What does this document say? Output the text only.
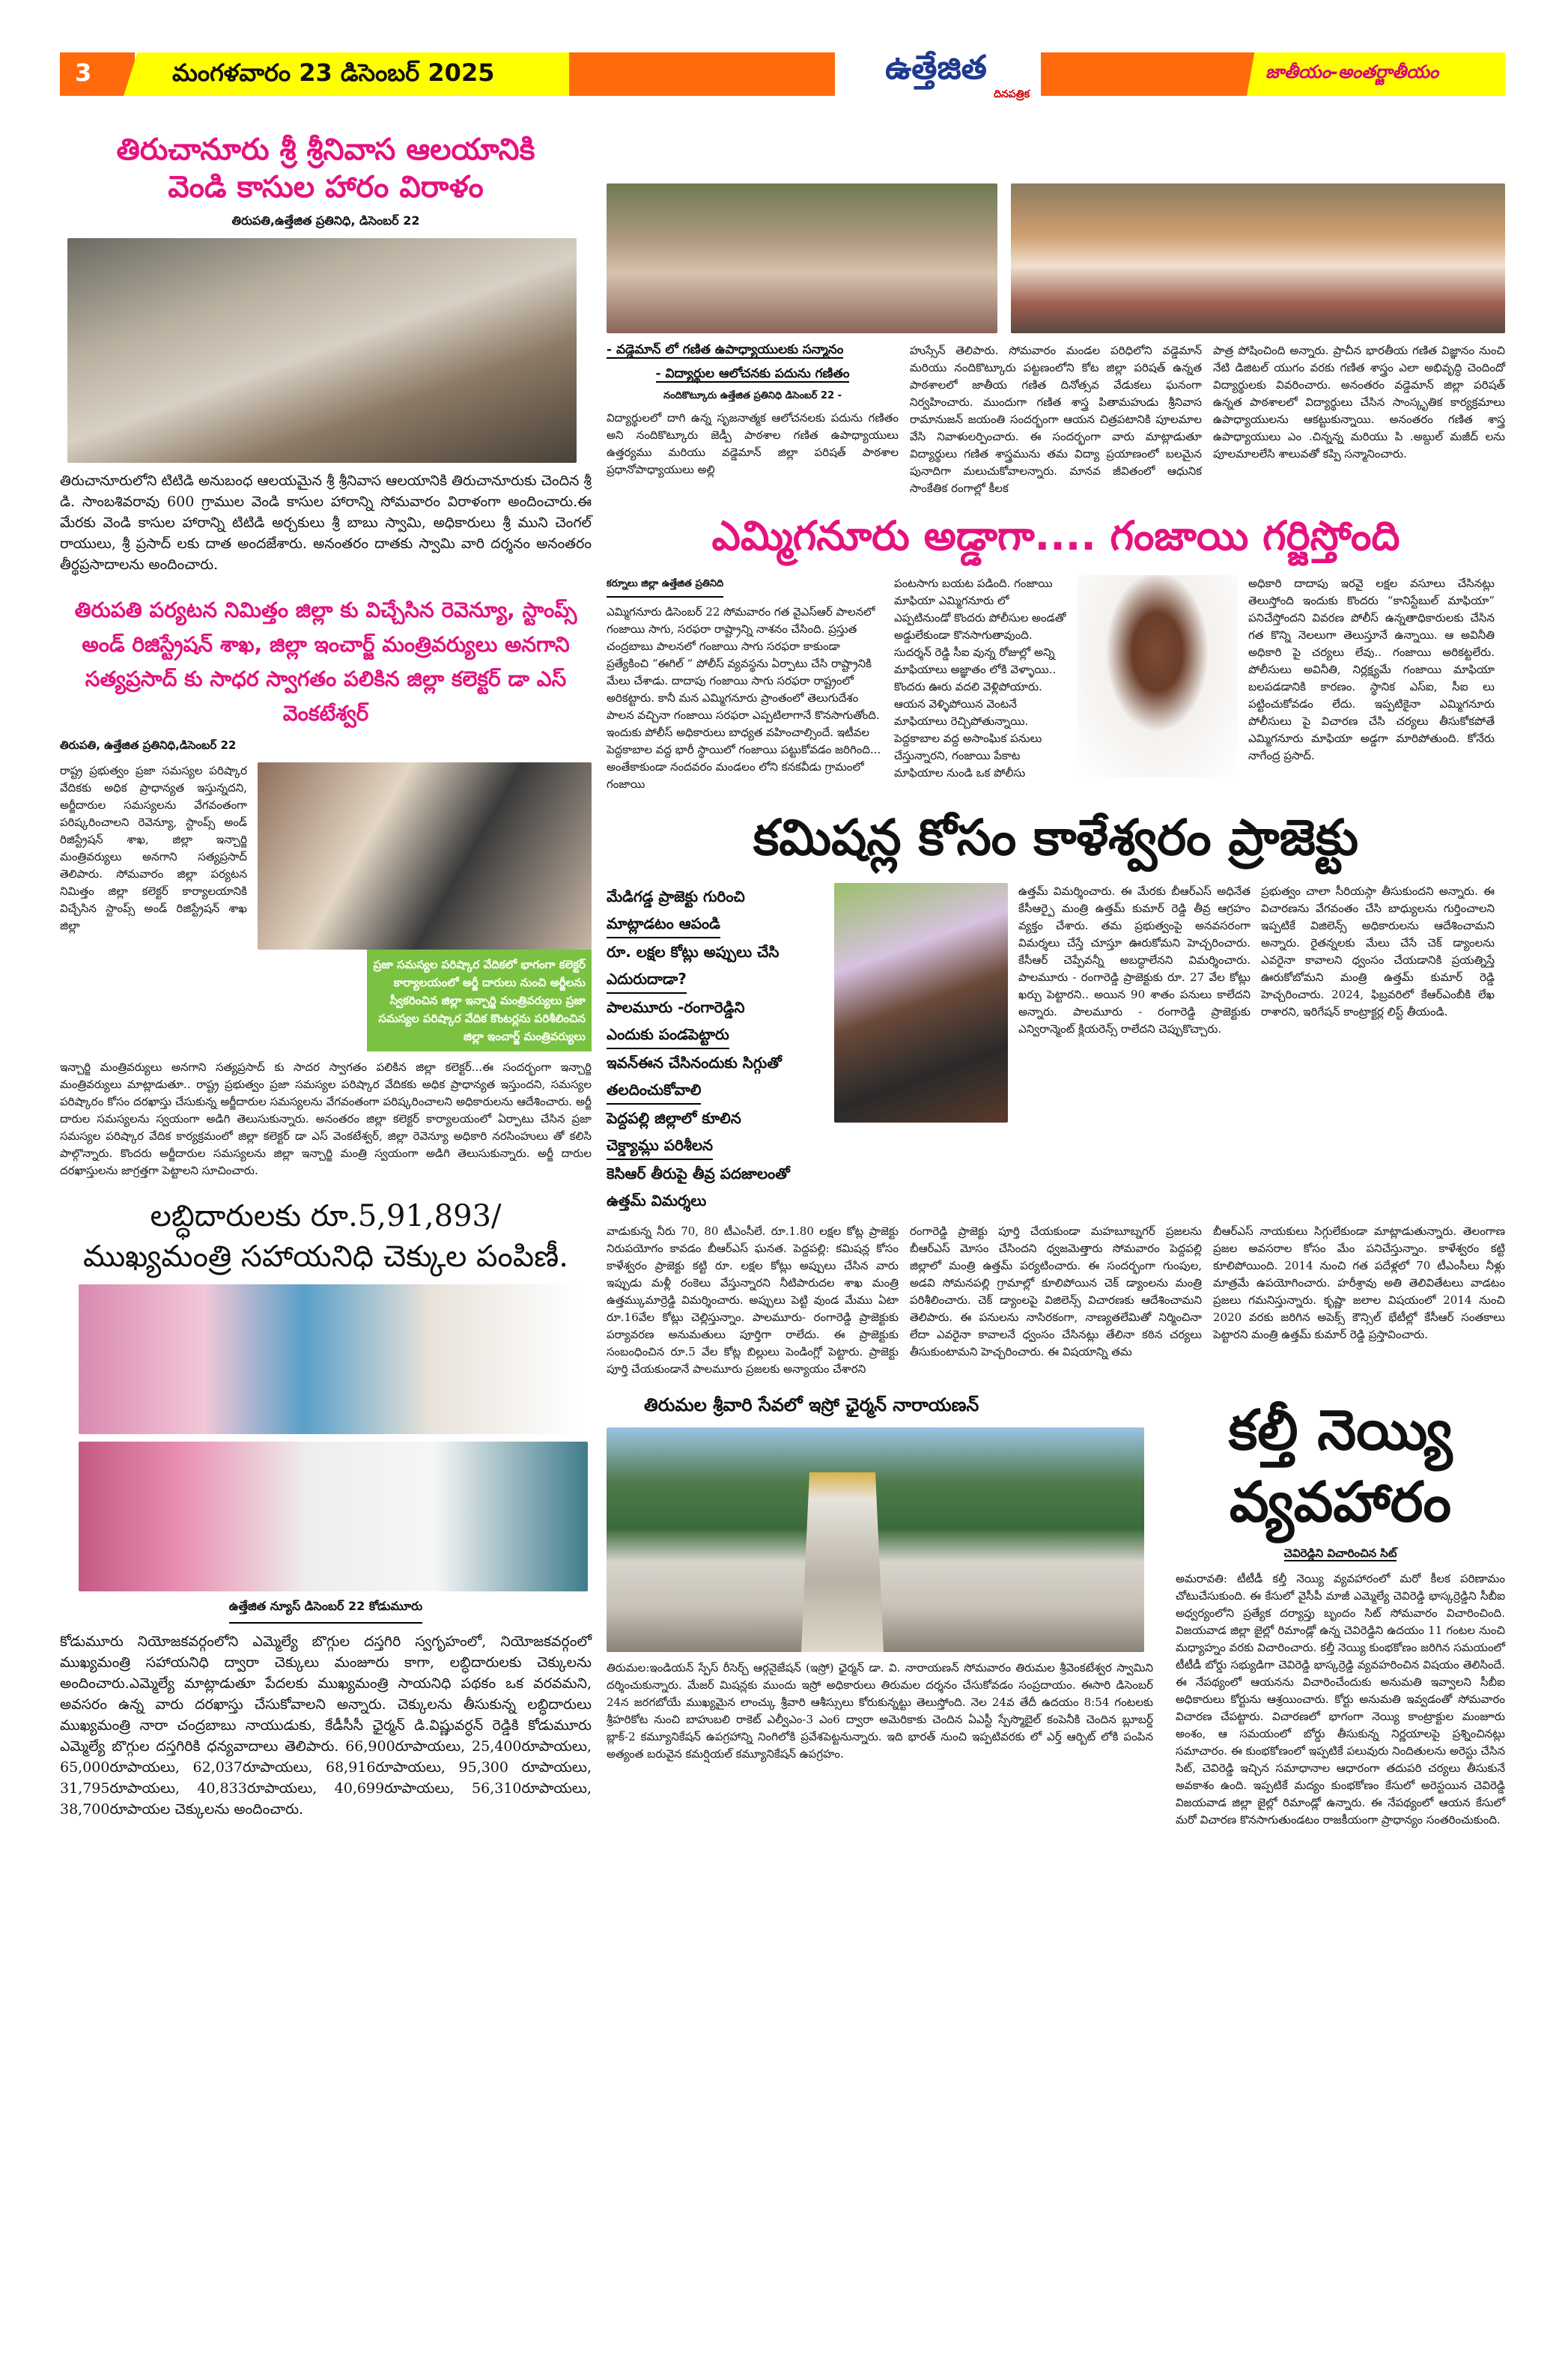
3	మంగళవారం 23 డిసెంబర్ 2025	ఉత్తేజిత
దినపత్రిక
జాతీయం-అంతర్జాతీయం
తిరుచానూరు శ్రీ శ్రీనివాస ఆలయానికి
వెండి కాసుల హారం విరాళం
తిరుపతి,ఉత్తేజిత ప్రతినిధి, డిసెంబర్ 22
తిరుచానూరులోని టిటిడి అనుబంధ ఆలయమైన శ్రీ శ్రీనివాస ఆలయానికి తిరుచానూరుకు చెందిన శ్రీ డి. సాంబశివరావు 600 గ్రాముల వెండి కాసుల హారాన్ని సోమవారం విరాళంగా అందించారు.ఈ మేరకు వెండి కాసుల హారాన్ని టిటిడి అర్చకులు శ్రీ బాబు స్వామి, అధికారులు శ్రీ ముని చెంగల్ రాయులు, శ్రీ ప్రసాద్ లకు దాత అందజేశారు. అనంతరం దాతకు స్వామి వారి దర్శనం అనంతరం తీర్థప్రసాదాలను అందించారు.
తిరుపతి పర్యటన నిమిత్తం జిల్లా కు విచ్చేసిన రెవెన్యూ, స్టాంప్స్ అండ్ రిజిస్ట్రేషన్ శాఖ, జిల్లా ఇంచార్జ్ మంత్రివర్యులు అనగాని సత్యప్రసాద్ కు సాధర స్వాగతం పలికిన జిల్లా కలెక్టర్ డా ఎస్ వెంకటేశ్వర్
తిరుపతి, ఉత్తేజిత ప్రతినిధి,డిసెంబర్ 22
రాష్ట్ర ప్రభుత్వం ప్రజా సమస్యల పరిష్కార వేదికకు అధిక ప్రాధాన్యత ఇస్తున్నదని, అర్జీదారుల సమస్యలను వేగవంతంగా పరిష్కరించాలని రెవెన్యూ, స్టాంప్స్ అండ్ రిజిస్ట్రేషన్ శాఖ, జిల్లా ఇన్చార్జి మంత్రివర్యులు అనగాని సత్యప్రసాద్ తెలిపారు. సోమవారం జిల్లా పర్యటన నిమిత్తం జిల్లా కలెక్టర్ కార్యాలయానికి విచ్చేసిన స్టాంప్స్ అండ్ రిజిస్ట్రేషన్ శాఖ జిల్లా
ప్రజా సమస్యల పరిష్కార వేదికలో భాగంగా కలెక్టర్ కార్యాలయంలో అర్జీ దారులు నుంచి అర్జీలను స్వీకరించిన జిల్లా ఇన్చార్జి మంత్రివర్యులు ప్రజా సమస్యల పరిష్కార వేదిక కొంటర్లను పరిశీలించిన జిల్లా ఇంచార్జ్ మంత్రివర్యులు
ఇన్చార్జి మంత్రివర్యులు అనగాని సత్యప్రసాద్ కు సాదర స్వాగతం పలికిన జిల్లా కలెక్టర్...ఈ సందర్భంగా ఇన్చార్జి మంత్రివర్యులు మాట్లాడుతూ.. రాష్ట్ర ప్రభుత్వం ప్రజా సమస్యల పరిష్కార వేదికకు అధిక ప్రాధాన్యత ఇస్తుందని, సమస్యల పరిష్కారం కోసం దరఖాస్తు చేసుకున్న అర్జీదారుల సమస్యలను వేగవంతంగా పరిష్కరించాలని అధికారులను ఆదేశించారు. అర్జీ దారుల సమస్యలను స్వయంగా అడిగి తెలుసుకున్నారు. అనంతరం జిల్లా కలెక్టర్ కార్యాలయంలో ఏర్పాటు చేసిన ప్రజా సమస్యల పరిష్కార వేదిక కార్యక్రమంలో జిల్లా కలెక్టర్ డా ఎస్ వెంకటేశ్వర్, జిల్లా రెవెన్యూ అధికారి నరసింహులు తో కలిసి పాల్గొన్నారు. కొందరు అర్జీదారుల సమస్యలను జిల్లా ఇన్చార్జి మంత్రి స్వయంగా అడిగి తెలుసుకున్నారు. అర్జీ దారుల దరఖాస్తులను జాగ్రత్తగా పెట్టాలని సూచించారు.
లబ్ధిదారులకు రూ.5,91,893/
ముఖ్యమంత్రి సహాయనిధి చెక్కుల పంపిణీ.
ఉత్తేజిత న్యూస్ డిసెంబర్ 22 కోడుమూరు
కోడుమూరు నియోజకవర్గంలోని ఎమ్మెల్యే బొగ్గుల దస్తగిరి స్వగృహంలో, నియోజకవర్గంలో ముఖ్యమంత్రి సహాయనిధి ద్వారా చెక్కులు మంజూరు కాగా, లబ్ధిదారులకు చెక్కులను అందించారు.ఎమ్మెల్యే మాట్లాడుతూ పేదలకు ముఖ్యమంత్రి సాయనిధి పథకం ఒక వరవమని, అవసరం ఉన్న వారు దరఖాస్తు చేసుకోవాలని అన్నారు. చెక్కులను తీసుకున్న లబ్ధిదారులు ముఖ్యమంత్రి నారా చంద్రబాబు నాయుడుకు, కేడీసీసీ ఛైర్మన్ డి.విష్ణువర్ధన్ రెడ్డికి కోడుమూరు ఎమ్మెల్యే బొగ్గుల దస్తగిరికి ధన్యవాదాలు తెలిపారు. 66,900రూపాయలు, 25,400రూపాయలు, 65,000రూపాయలు, 62,037రూపాయలు, 68,916రూపాయలు, 95,300 రూపాయలు, 31,795రూపాయలు, 40,833రూపాయలు, 40,699రూపాయలు, 56,310రూపాయలు, 38,700రూపాయల చెక్కులను అందించారు.
- వడ్డెమాన్ లో గణిత ఉపాధ్యాయులకు సన్మానం
- విద్యార్థుల ఆలోచనకు పదును గణితం
నందికొట్కూరు ఉత్తేజిత ప్రతినిధి డిసెంబర్ 22 -
విద్యార్థులలో దాగి ఉన్న సృజనాత్మక ఆలోచనలకు పదును గణితం అని నందికొట్కూరు జెడ్పీ పాఠశాల గణిత ఉపాధ్యాయులు ఉత్తర్యము మరియు వడ్డెమాన్ జిల్లా పరిషత్ పాఠశాల ప్రధానోపాధ్యాయులు అల్లి
హుస్సేన్ తెలిపారు. సోమవారం మండల పరిధిలోని వడ్డెమాన్ మరియు నందికొట్కూరు పట్టణంలోని కోట జిల్లా పరిషత్ ఉన్నత పాఠశాలలో జాతీయ గణిత దినోత్సవ వేడుకలు ఘనంగా నిర్వహించారు. ముందుగా గణిత శాస్త్ర పితామహుడు శ్రీనివాస రామానుజన్ జయంతి సందర్భంగా ఆయన చిత్రపటానికి పూలమాల వేసి నివాళులర్పించారు. ఈ సందర్భంగా వారు మాట్లాడుతూ విద్యార్థులు గణిత శాస్త్రమును తమ విద్యా ప్రయాణంలో బలమైన పునాదిగా మలుచుకోవాలన్నారు. మానవ జీవితంలో ఆధునిక సాంకేతిక రంగాల్లో కీలక
పాత్ర పోషించింది అన్నారు. ప్రాచీన భారతీయ గణిత విజ్ఞానం నుంచి నేటి డిజిటల్ యుగం వరకు గణిత శాస్త్రం ఎలా అభివృద్ధి చెందిందో విద్యార్థులకు వివరించారు. అనంతరం వడ్డెమాన్ జిల్లా పరిషత్ ఉన్నత పాఠశాలలో విద్యార్థులు చేసిన సాంస్కృతిక కార్యక్రమాలు ఉపాధ్యాయులను ఆకట్టుకున్నాయి. అనంతరం గణిత శాస్త్ర ఉపాధ్యాయులు ఎం .చిన్నన్న మరియు పి .అబ్దుల్ మజీద్ లను పూలమాలలేసి శాలువతో కప్పి సన్మానించారు.
ఎమ్మిగనూరు అడ్డాగా.... గంజాయి గర్జిస్తోంది
కర్నూలు జిల్లా ఉత్తేజిత ప్రతినిది
ఎమ్మిగనూరు డిసెంబర్ 22 సోమవారం గత వైఎస్ఆర్ పాలనలో గంజాయి సాగు, సరఫరా రాష్ట్రాన్ని నాశనం చేసింది. ప్రస్తుత చంద్రబాబు పాలనలో గంజాయి సాగు సరఫరా కాకుండా ప్రత్యేకించి “ఈగిల్ “ పోలీస్ వ్యవస్థను ఏర్పాటు చేసి రాష్ట్రానికి మేలు చేశాడు. దాదాపు గంజాయి సాగు సరఫరా రాష్ట్రంలో అరికట్టారు. కానీ మన ఎమ్మిగనూరు ప్రాంతంలో తెలుగుదేశం పాలన వచ్చినా గంజాయి సరఫరా ఎప్పటిలాగానే కొనసాగుతోంది. ఇందుకు పోలీస్ అధికారులు బాధ్యత వహించాల్సిందే. ఇటీవల పెద్దకాబాల వద్ద భారీ స్థాయిలో గంజాయి పట్టుకోవడం జరిగింది... అంతేకాకుండా నందవరం మండలం లోని కనకవీడు గ్రామంలో గంజాయి
పంటసాగు బయట పడింది. గంజాయి మాఫియా ఎమ్మిగనూరు లో ఎప్పటినుండో కొందరు పోలీసుల అండతో అడ్డులేకుండా కొనసాగుతావుంది. సుదర్శన్ రెడ్డి సీఐ వున్న రోజుల్లో అన్ని మాఫియాలు అజ్ఞాతం లోకి వెళ్ళాయి.. కొందరు ఊరు వదలి వెళ్లిపోయారు. ఆయన వెళ్ళిపోయిన వెంటనే మాఫియాలు రెచ్చిపోతున్నాయి. పెద్దకాబాల వద్ద అసాంఘిక పనులు చేస్తున్నారని, గంజాయి పేకాట మాఫియాల నుండి ఒక పోలీసు
అధికారి దాదాపు ఇరవై లక్షల వసూలు చేసినట్లు తెలుస్తోంది ఇందుకు కొందరు “కానిస్టేబుల్ మాఫియా” పనిచేస్తోందని వివరణ పోలీస్ ఉన్నతాధికారులకు చేసిన గత కొన్ని నెలలుగా తెలుస్తూనే ఉన్నాయి. ఆ అవినీతి అధికారి పై చర్యలు లేవు.. గంజాయి అరికట్టలేరు. పోలీసులు అవినీతి, నిర్లక్ష్యమే గంజాయి మాఫియా బలపడడానికి కారణం. స్థానిక ఎస్ఐ, సీఐ లు పట్టించుకోవడం లేదు. ఇప్పటికైనా ఎమ్మిగనూరు పోలీసులు పై విచారణ చేసి చర్యలు తీసుకోకపోతే ఎమ్మిగనూరు మాఫియా అడ్డగా మారిపోతుంది. కోనేరు నాగేంద్ర ప్రసాద్.
కమిషన్ల కోసం కాళేశ్వరం ప్రాజెక్టు
మేడిగడ్డ ప్రాజెక్టు గురించి
మాట్లాడటం ఆపండి
రూ. లక్షల కోట్లు అప్పులు చేసి
ఎదురుదాడా?
పాలమూరు -రంగారెడ్డిని
ఎందుకు పండపెట్టారు
ఇవన్ఈన చేసినందుకు సిగ్గుతో
తలదించుకోవాలి
పెద్దపల్లి జిల్లాలో కూలిన
చెక్డ్యామ్లు పరిశీలన
కెసిఆర్ తీరుపై తీవ్ర పదజాలంతో
ఉత్తమ్ విమర్శలు
ఉత్తమ్ విమర్శించారు. ఈ మేరకు బీఆర్ఎస్ అధినేత కేసీఆర్పై మంత్రి ఉత్తమ్ కుమార్ రెడ్డి తీవ్ర ఆగ్రహం వ్యక్తం చేశారు. తమ ప్రభుత్వంపై అనవసరంగా విమర్శలు చేస్తే చూస్తూ ఊరుకోమని హెచ్చరించారు. కేసీఆర్ చెప్పేవన్నీ అబద్ధాలేనని విమర్శించారు. పాలమూరు - రంగారెడ్డి ప్రాజెక్టుకు రూ. 27 వేల కోట్లు ఖర్చు పెట్టారని.. అయిన 90 శాతం పనులు కాలేదని అన్నారు. పాలమూరు - రంగారెడ్డి ప్రాజెక్టుకు ఎన్విరాన్మెంట్ క్లియరెన్స్ రాలేదని చెప్పుకొచ్చారు.
ప్రభుత్వం చాలా సీరియస్గా తీసుకుందని అన్నారు. ఈ విచారణను వేగవంతం చేసి బాధ్యులను గుర్తించాలని ఇప్పటికే విజిలెన్స్ అధికారులను ఆదేశించామని అన్నారు. రైతన్నలకు మేలు చేసే చెక్ డ్యాంలను ఎవరైనా కావాలని ధ్వంసం చేయడానికి ప్రయత్నిస్తే ఊరుకోబోమని మంత్రి ఉత్తమ్ కుమార్ రెడ్డి హెచ్చరించారు. 2024, ఫిబ్రవరిలో కేఆర్ఎంబీకి లేఖ రాశారని, ఇరిగేషన్ కాంట్రాక్టర్ల లిస్ట్ తీయండి.
వాడుకున్న నీరు 70, 80 టీఎంసీలే. రూ.1.80 లక్షల కోట్ల ప్రాజెక్టు నిరుపయోగం కావడం బీఆర్ఎస్ ఘనత. పెద్దపల్లి: కమిషన్ల కోసం కాళేశ్వరం ప్రాజెక్టు కట్టి రూ. లక్షల కోట్లు అప్పులు చేసిన వారు ఇప్పుడు మళ్లీ రంకెలు వేస్తున్నారని నీటిపారుదల శాఖ మంత్రి ఉత్తమ్కుమార్రెడ్డి విమర్శించారు. అప్పులు పెట్టి వుండ మేము ఏటా రూ.16వేల కోట్లు చెల్లిస్తున్నాం. పాలమూరు- రంగారెడ్డి ప్రాజెక్టుకు పర్యావరణ అనుమతులు పూర్తిగా రాలేదు. ఈ ప్రాజెక్టుకు సంబంధించిన రూ.5 వేల కోట్ల బిల్లులు పెండింగ్లో పెట్టారు. ప్రాజెక్టు పూర్తి చేయకుండానే పాలమూరు ప్రజలకు అన్యాయం చేశారని
రంగారెడ్డి ప్రాజెక్టు పూర్తి చేయకుండా మహబూబ్నగర్ ప్రజలను బీఆర్ఎస్ మోసం చేసిందని ధ్వజమెత్తారు సోమవారం పెద్దపల్లి జిల్లాలో మంత్రి ఉత్తమ్ పర్యటించారు. ఈ సందర్భంగా గుంపుల, అడవి సోమనపల్లి గ్రామాల్లో కూలిపోయిన చెక్ డ్యాంలను మంత్రి పరిశీలించారు. చెక్ డ్యాంలపై విజిలెన్స్ విచారణకు ఆదేశించామని తెలిపారు. ఈ పనులను నాసిరకంగా, నాణ్యతలేమితో నిర్మించినా లేదా ఎవరైనా కావాలనే ధ్వంసం చేసినట్లు తేలినా కఠిన చర్యలు తీసుకుంటామని హెచ్చరించారు. ఈ విషయాన్ని తమ
బీఆర్ఎస్ నాయకులు సిగ్గులేకుండా మాట్లాడుతున్నారు. తెలంగాణ ప్రజల అవసరాల కోసం మేం పనిచేస్తున్నాం. కాళేశ్వరం కట్టి కూలిపోయింది. 2014 నుంచి గత పదేళ్లలో 70 టీఎంసీలు నీళ్లు మాత్రమే ఉపయోగించారు. హరీశ్రావు అతి తెలివితేటలు వాడటం ప్రజలు గమనిస్తున్నారు. కృష్ణా జలాల విషయంలో 2014 నుంచి 2020 వరకు జరిగిన అపెక్స్ కౌన్సిల్ భేటీల్లో కేసీఆర్ సంతకాలు పెట్టారని మంత్రి ఉత్తమ్ కుమార్ రెడ్డి ప్రస్తావించారు.
తిరుమల శ్రీవారి సేవలో ఇస్రో ఛైర్మన్ నారాయణన్
తిరుమల:ఇండియన్ స్పేస్ రీసెర్చ్ ఆర్గనైజేషన్ (ఇస్రో) ఛైర్మన్ డా. వి. నారాయణన్ సోమవారం తిరుమల శ్రీవెంకటేశ్వర స్వామిని దర్శించుకున్నారు. మేజర్ మిషన్లకు ముందు ఇస్రో అధికారులు తిరుమల దర్శనం చేసుకోవడం సంప్రదాయం. ఈసారి డిసెంబర్ 24న జరగబోయే ముఖ్యమైన లాంచ్కు శ్రీవారి ఆశీస్సులు కోరుకున్నట్టు తెలుస్తోంది. నెల 24వ తేదీ ఉదయం 8:54 గంటలకు శ్రీహరికోట నుంచి బాహుబలి రాకెట్ ఎల్వీఎం-3 ఎం6 ద్వారా అమెరికాకు చెందిన ఏఎస్టీ స్పేస్మొబైల్ కంపెనీకి చెందిన బ్లూబర్డ్ బ్లాక్-2 కమ్యూనికేషన్ ఉపగ్రహాన్ని నింగిలోకి ప్రవేశపెట్టనున్నారు. ఇది భారత్ నుంచి ఇప్పటివరకు లో ఎర్త్ ఆర్బిట్ లోకి పంపిన అత్యంత బరువైన కమర్షియల్ కమ్యూనికేషన్ ఉపగ్రహం.
కల్తీ నెయ్యి
వ్యవహారం
చెవిరెడ్డిని విచారించిన సిట్
అమరావతి: టీటీడీ కల్తీ నెయ్యి వ్యవహారంలో మరో కీలక పరిణామం చోటుచేసుకుంది. ఈ కేసులో వైసీపీ మాజీ ఎమ్మెల్యే చెవిరెడ్డి భాస్కర్రెడ్డిని సీబీఐ అధ్వర్యంలోని ప్రత్యేక దర్యాప్తు బృందం సిట్ సోమవారం విచారించింది. విజయవాడ జిల్లా జైల్లో రిమాండ్లో ఉన్న చెవిరెడ్డిని ఉదయం 11 గంటల నుంచి మధ్యాహ్నం వరకు విచారించారు. కల్తీ నెయ్యి కుంభకోణం జరిగిన సమయంలో టీటీడీ బోర్డు సభ్యుడిగా చెవిరెడ్డి భాస్కర్రెడ్డి వ్యవహరించిన విషయం తెలిసిందే. ఈ నేపథ్యంలో ఆయనను విచారించేందుకు అనుమతి ఇవ్వాలని సీబీఐ అధికారులు కోర్టును ఆశ్రయించారు. కోర్టు అనుమతి ఇవ్వడంతో సోమవారం విచారణ చేపట్టారు. విచారణలో భాగంగా నెయ్యి కాంట్రాక్టుల మంజూరు అంశం, ఆ సమయంలో బోర్డు తీసుకున్న నిర్ణయాలపై ప్రశ్నించినట్లు సమాచారం. ఈ కుంభకోణంలో ఇప్పటికే పలువురు నిందితులను అరెస్టు చేసిన సిట్, చెవిరెడ్డి ఇచ్చిన సమాధానాల ఆధారంగా తదుపరి చర్యలు తీసుకునే అవకాశం ఉంది. ఇప్పటికే మద్యం కుంభకోణం కేసులో అరెస్టయిన చెవిరెడ్డి విజయవాడ జిల్లా జైల్లో రిమాండ్లో ఉన్నారు. ఈ నేపథ్యంలో ఆయన కేసులో మరో విచారణ కొనసాగుతుండటం రాజకీయంగా ప్రాధాన్యం సంతరించుకుంది.
